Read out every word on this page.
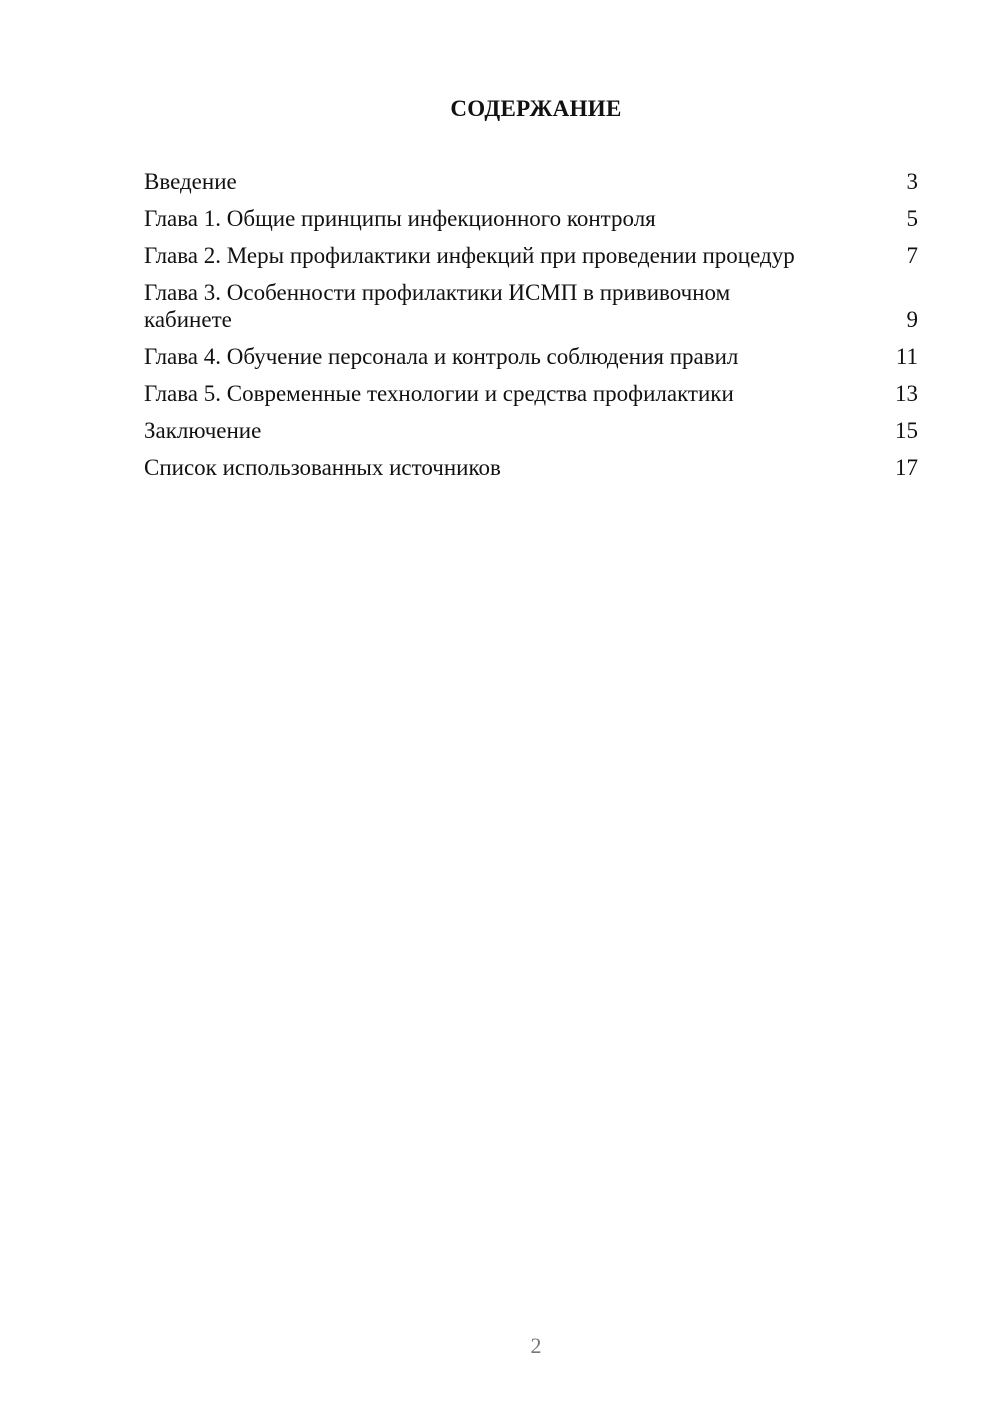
СОДЕРЖАНИЕ
Введение	3
Глава 1. Общие принципы инфекционного контроля	5
Глава 2. Меры профилактики инфекций при проведении процедур	7
Глава 3. Особенности профилактики ИСМП в прививочном кабинете	9
Глава 4. Обучение персонала и контроль соблюдения правил	11
Глава 5. Современные технологии и средства профилактики	13
Заключение	15
Список использованных источников	17
2
